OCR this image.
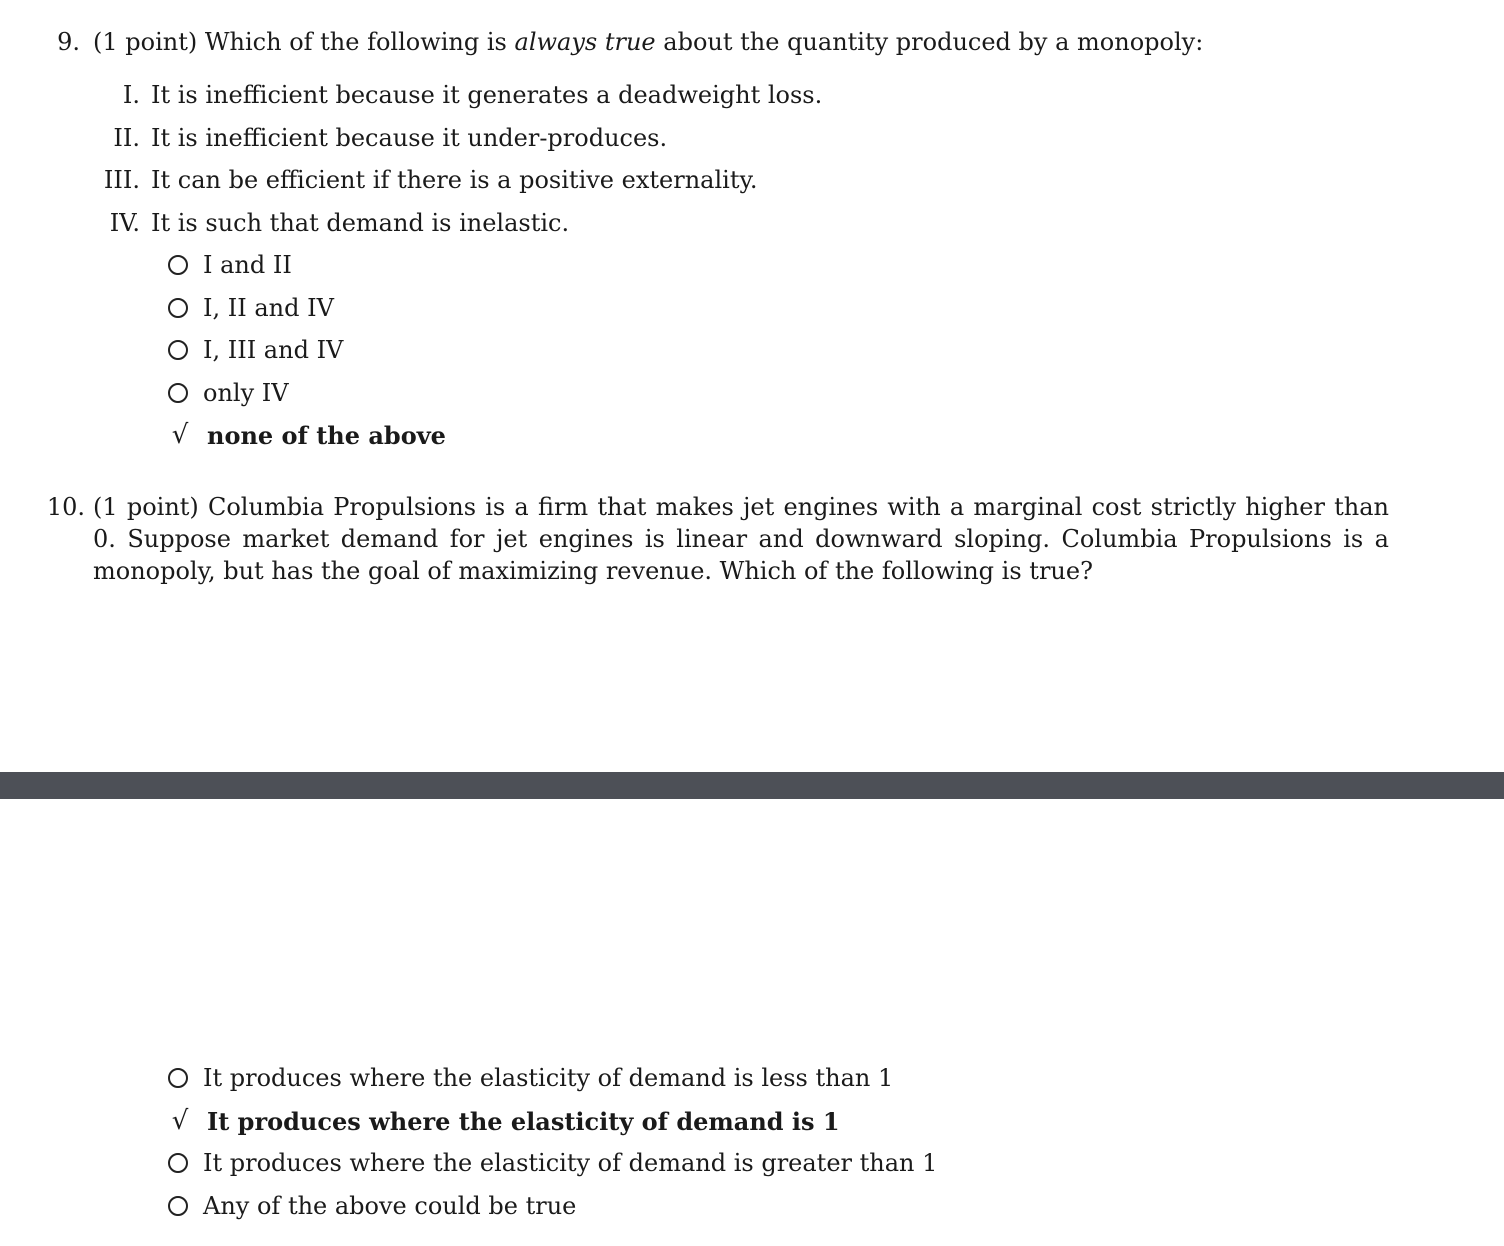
9. (1 point) Which of the following is always true about the quantity produced by a monopoly:
I. It is inefficient because it generates a deadweight loss.
II. It is inefficient because it under-produces.
III. It can be efficient if there is a positive externality.
IV. It is such that demand is inelastic.
I and II
I, II and IV
I, III and IV
only IV
√ none of the above
10. (1 point) Columbia Propulsions is a firm that makes jet engines with a marginal cost strictly higher than 0. Suppose market demand for jet engines is linear and downward sloping. Columbia Propulsions is a monopoly, but has the goal of maximizing revenue. Which of the following is true?
It produces where the elasticity of demand is less than 1
√ It produces where the elasticity of demand is 1
It produces where the elasticity of demand is greater than 1
Any of the above could be true
